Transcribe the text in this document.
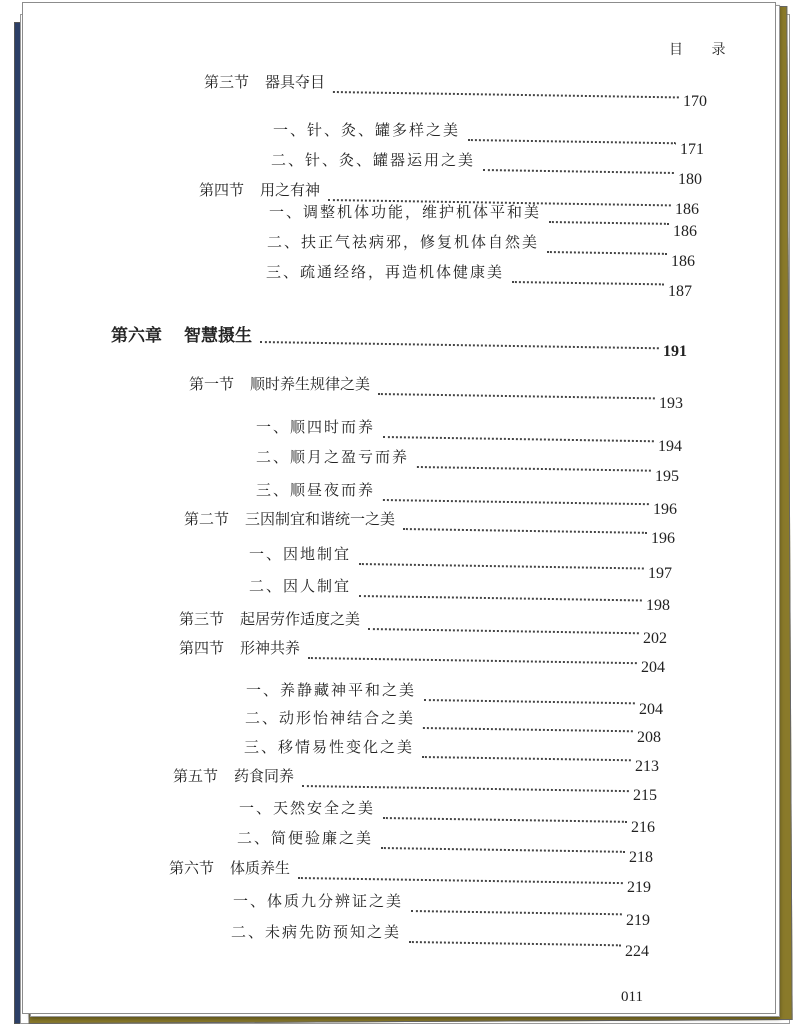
目 录
第三节 器具夺目
170
一、针、灸、罐多样之美
171
二、针、灸、罐器运用之美
180
第四节 用之有神
186
一、调整机体功能，维护机体平和美
186
二、扶正气祛病邪，修复机体自然美
186
三、疏通经络，再造机体健康美
187
第六章 智慧摄生
191
第一节 顺时养生规律之美
193
一、顺四时而养
194
二、顺月之盈亏而养
195
三、顺昼夜而养
196
第二节 三因制宜和谐统一之美
196
一、因地制宜
197
二、因人制宜
198
第三节 起居劳作适度之美
202
第四节 形神共养
204
一、养静藏神平和之美
204
二、动形怡神结合之美
208
三、移情易性变化之美
213
第五节 药食同养
215
一、天然安全之美
216
二、简便验廉之美
218
第六节 体质养生
219
一、体质九分辨证之美
219
二、未病先防预知之美
224
011
